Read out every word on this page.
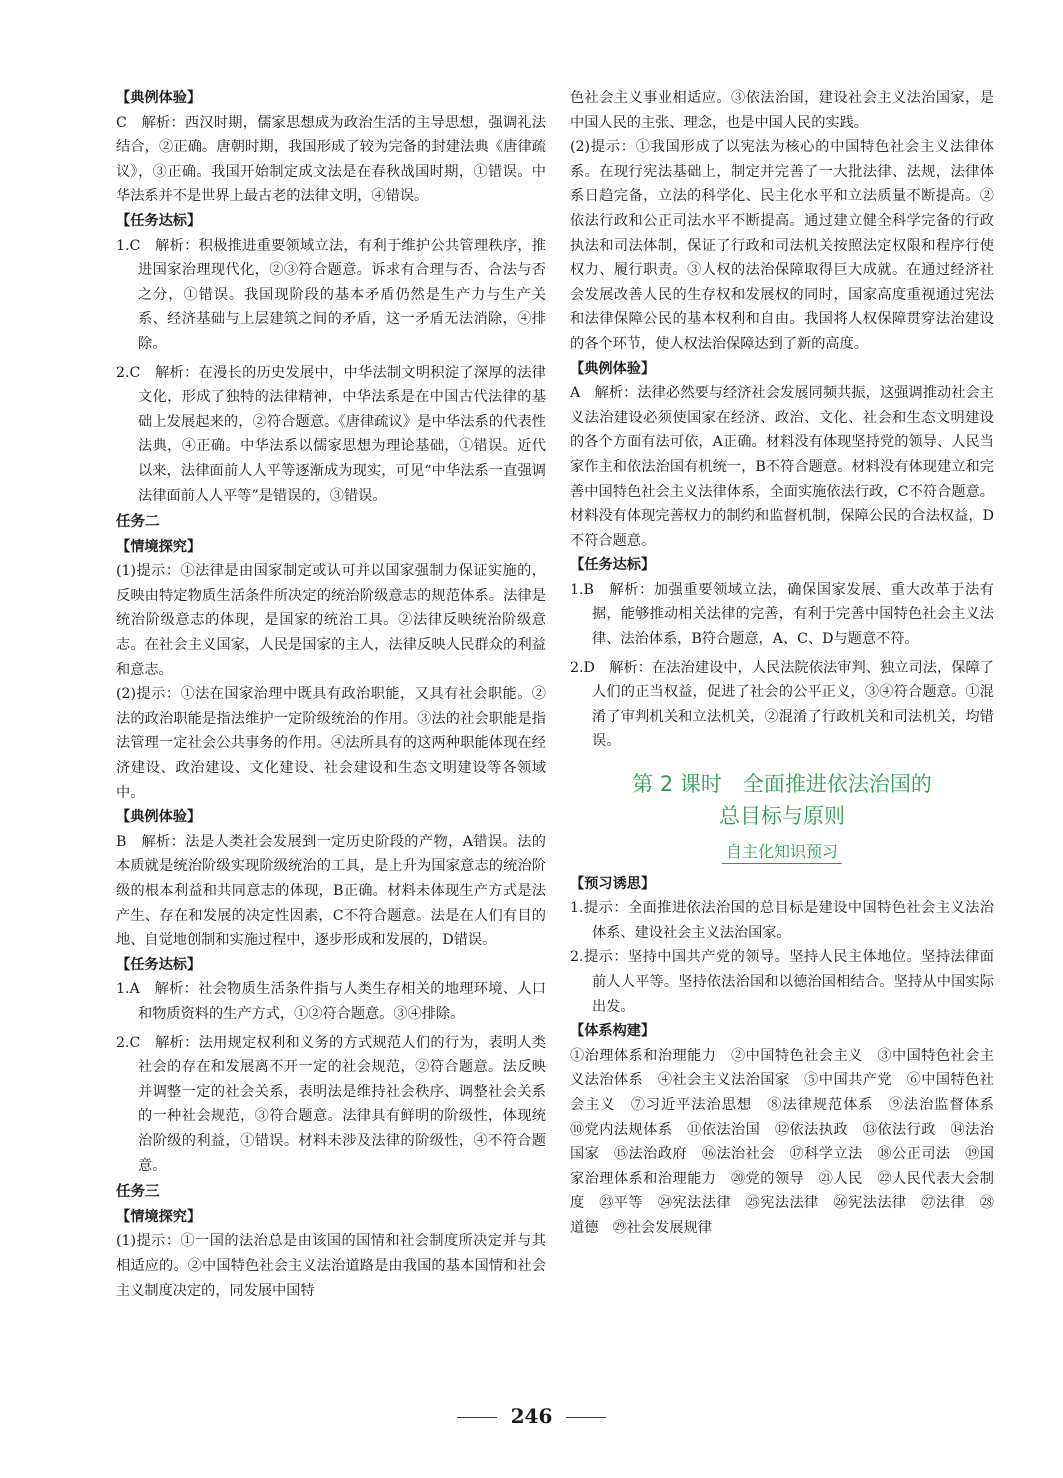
【典例体验】

C　解析：西汉时期，儒家思想成为政治生活的主导思想，强调礼法结合，②正确。唐朝时期，我国形成了较为完备的封建法典《唐律疏议》，③正确。我国开始制定成文法是在春秋战国时期，①错误。中华法系并不是世界上最古老的法律文明，④错误。

【任务达标】

1.C　解析：积极推进重要领域立法，有利于维护公共管理秩序，推进国家治理现代化，②③符合题意。诉求有合理与否、合法与否之分，①错误。我国现阶段的基本矛盾仍然是生产力与生产关系、经济基础与上层建筑之间的矛盾，这一矛盾无法消除，④排除。

2.C　解析：在漫长的历史发展中，中华法制文明积淀了深厚的法律文化，形成了独特的法律精神，中华法系是在中国古代法律的基础上发展起来的，②符合题意。《唐律疏议》是中华法系的代表性法典，④正确。中华法系以儒家思想为理论基础，①错误。近代以来，法律面前人人平等逐渐成为现实，可见“中华法系一直强调法律面前人人平等”是错误的，③错误。

任务二

【情境探究】

(1)提示：①法律是由国家制定或认可并以国家强制力保证实施的，反映由特定物质生活条件所决定的统治阶级意志的规范体系。法律是统治阶级意志的体现，是国家的统治工具。②法律反映统治阶级意志。在社会主义国家，人民是国家的主人，法律反映人民群众的利益和意志。

(2)提示：①法在国家治理中既具有政治职能，又具有社会职能。②法的政治职能是指法维护一定阶级统治的作用。③法的社会职能是指法管理一定社会公共事务的作用。④法所具有的这两种职能体现在经济建设、政治建设、文化建设、社会建设和生态文明建设等各领域中。

【典例体验】

B　解析：法是人类社会发展到一定历史阶段的产物，A错误。法的本质就是统治阶级实现阶级统治的工具，是上升为国家意志的统治阶级的根本利益和共同意志的体现，B正确。材料未体现生产方式是法产生、存在和发展的决定性因素，C不符合题意。法是在人们有目的地、自觉地创制和实施过程中，逐步形成和发展的，D错误。

【任务达标】

1.A　解析：社会物质生活条件指与人类生存相关的地理环境、人口和物质资料的生产方式，①②符合题意。③④排除。

2.C　解析：法用规定权利和义务的方式规范人们的行为，表明人类社会的存在和发展离不开一定的社会规范，②符合题意。法反映并调整一定的社会关系，表明法是维持社会秩序、调整社会关系的一种社会规范，③符合题意。法律具有鲜明的阶级性，体现统治阶级的利益，①错误。材料未涉及法律的阶级性，④不符合题意。

任务三

【情境探究】

(1)提示：①一国的法治总是由该国的国情和社会制度所决定并与其相适应的。②中国特色社会主义法治道路是由我国的基本国情和社会主义制度决定的，同发展中国特

色社会主义事业相适应。③依法治国，建设社会主义法治国家，是中国人民的主张、理念，也是中国人民的实践。

(2)提示：①我国形成了以宪法为核心的中国特色社会主义法律体系。在现行宪法基础上，制定并完善了一大批法律、法规，法律体系日趋完备，立法的科学化、民主化水平和立法质量不断提高。②依法行政和公正司法水平不断提高。通过建立健全科学完备的行政执法和司法体制，保证了行政和司法机关按照法定权限和程序行使权力、履行职责。③人权的法治保障取得巨大成就。在通过经济社会发展改善人民的生存权和发展权的同时，国家高度重视通过宪法和法律保障公民的基本权利和自由。我国将人权保障贯穿法治建设的各个环节，使人权法治保障达到了新的高度。

【典例体验】

A　解析：法律必然要与经济社会发展同频共振，这强调推动社会主义法治建设必须使国家在经济、政治、文化、社会和生态文明建设的各个方面有法可依，A正确。材料没有体现坚持党的领导、人民当家作主和依法治国有机统一，B不符合题意。材料没有体现建立和完善中国特色社会主义法律体系，全面实施依法行政，C不符合题意。材料没有体现完善权力的制约和监督机制，保障公民的合法权益，D不符合题意。

【任务达标】

1.B　解析：加强重要领域立法，确保国家发展、重大改革于法有据，能够推动相关法律的完善，有利于完善中国特色社会主义法律、法治体系，B符合题意，A、C、D与题意不符。

2.D　解析：在法治建设中，人民法院依法审判、独立司法，保障了人们的正当权益，促进了社会的公平正义，③④符合题意。①混淆了审判机关和立法机关，②混淆了行政机关和司法机关，均错误。

第 2 课时　全面推进依法治国的
总目标与原则

自主化知识预习

【预习诱思】

1.提示：全面推进依法治国的总目标是建设中国特色社会主义法治体系、建设社会主义法治国家。

2.提示：坚持中国共产党的领导。坚持人民主体地位。坚持法律面前人人平等。坚持依法治国和以德治国相结合。坚持从中国实际出发。

【体系构建】

①治理体系和治理能力　②中国特色社会主义　③中国特色社会主义法治体系　④社会主义法治国家　⑤中国共产党　⑥中国特色社会主义　⑦习近平法治思想　⑧法律规范体系　⑨法治监督体系　⑩党内法规体系　⑪依法治国　⑫依法执政　⑬依法行政　⑭法治国家　⑮法治政府　⑯法治社会　⑰科学立法　⑱公正司法　⑲国家治理体系和治理能力　⑳党的领导　㉑人民　㉒人民代表大会制度　㉓平等　㉔宪法法律　㉕宪法法律　㉖宪法法律　㉗法律　㉘道德　㉙社会发展规律

246
